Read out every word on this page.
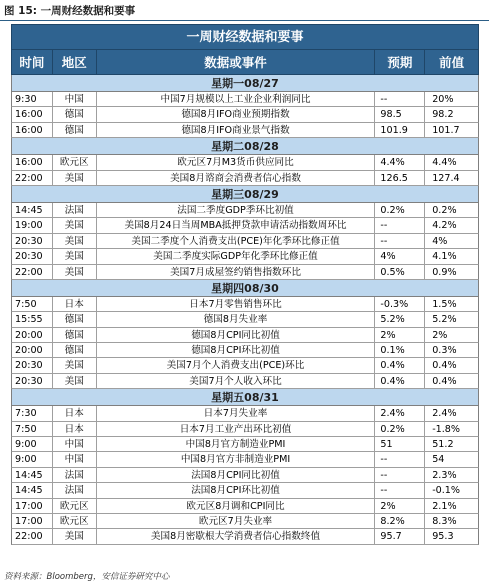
图 15: 一周财经数据和要事
一周财经数据和要事
时间	地区	数据或事件	预期	前值
星期一08/27
9:30	中国	中国7月规模以上工业企业利润同比	--	20%
16:00	德国	德国8月IFO商业预期指数	98.5	98.2
16:00	德国	德国8月IFO商业景气指数	101.9	101.7
星期二08/28
16:00	欧元区	欧元区7月M3货币供应同比	4.4%	4.4%
22:00	美国	美国8月谘商会消费者信心指数	126.5	127.4
星期三08/29
14:45	法国	法国二季度GDP季环比初值	0.2%	0.2%
19:00	美国	美国8月24日当周MBA抵押贷款申请活动指数周环比	--	4.2%
20:30	美国	美国二季度个人消费支出(PCE)年化季环比修正值	--	4%
20:30	美国	美国二季度实际GDP年化季环比修正值	4%	4.1%
22:00	美国	美国7月成屋签约销售指数环比	0.5%	0.9%
星期四08/30
7:50	日本	日本7月零售销售环比	-0.3%	1.5%
15:55	德国	德国8月失业率	5.2%	5.2%
20:00	德国	德国8月CPI同比初值	2%	2%
20:00	德国	德国8月CPI环比初值	0.1%	0.3%
20:30	美国	美国7月个人消费支出(PCE)环比	0.4%	0.4%
20:30	美国	美国7月个人收入环比	0.4%	0.4%
星期五08/31
7:30	日本	日本7月失业率	2.4%	2.4%
7:50	日本	日本7月工业产出环比初值	0.2%	-1.8%
9:00	中国	中国8月官方制造业PMI	51	51.2
9:00	中国	中国8月官方非制造业PMI	--	54
14:45	法国	法国8月CPI同比初值	--	2.3%
14:45	法国	法国8月CPI环比初值	--	-0.1%
17:00	欧元区	欧元区8月调和CPI同比	2%	2.1%
17:00	欧元区	欧元区7月失业率	8.2%	8.3%
22:00	美国	美国8月密歇根大学消费者信心指数终值	95.7	95.3
资料来源：Bloomberg，安信证券研究中心
